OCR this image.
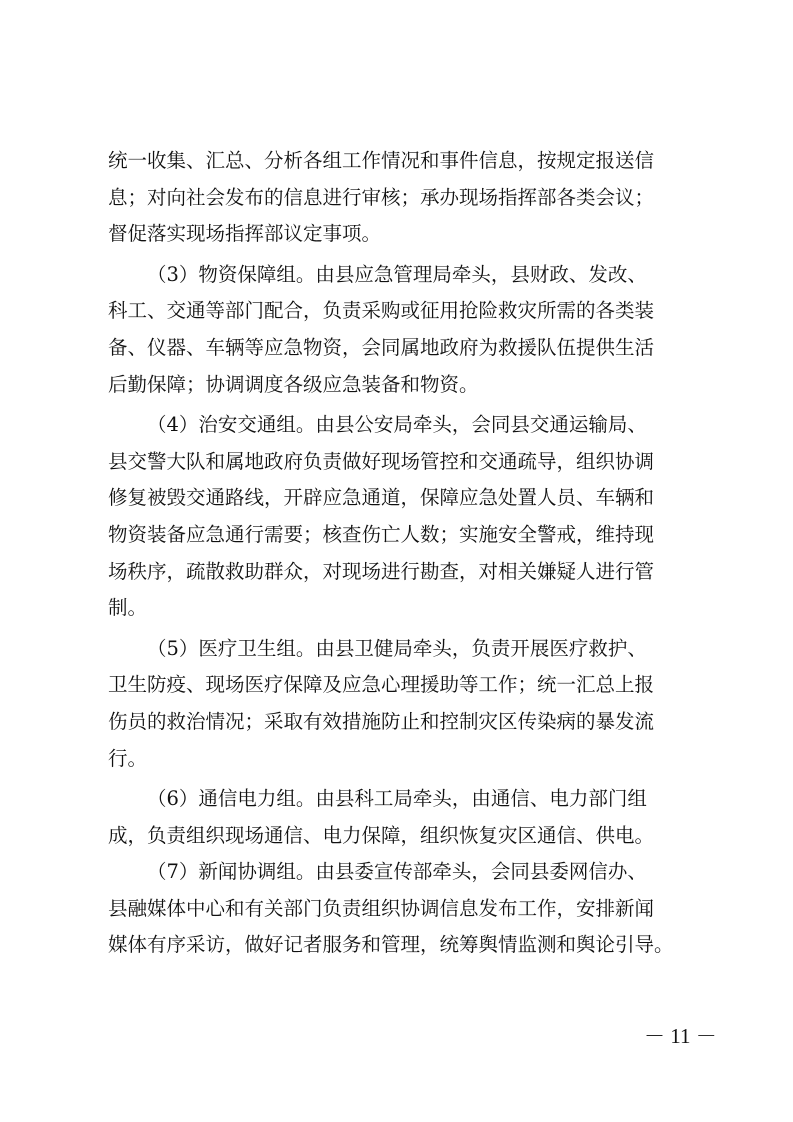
统一收集、汇总、分析各组工作情况和事件信息，按规定报送信
息；对向社会发布的信息进行审核；承办现场指挥部各类会议；
督促落实现场指挥部议定事项。

（3）物资保障组。由县应急管理局牵头，县财政、发改、
科工、交通等部门配合，负责采购或征用抢险救灾所需的各类装
备、仪器、车辆等应急物资，会同属地政府为救援队伍提供生活
后勤保障；协调调度各级应急装备和物资。

（4）治安交通组。由县公安局牵头，会同县交通运输局、
县交警大队和属地政府负责做好现场管控和交通疏导，组织协调
修复被毁交通路线，开辟应急通道，保障应急处置人员、车辆和
物资装备应急通行需要；核查伤亡人数；实施安全警戒，维持现
场秩序，疏散救助群众，对现场进行勘查，对相关嫌疑人进行管
制。

（5）医疗卫生组。由县卫健局牵头，负责开展医疗救护、
卫生防疫、现场医疗保障及应急心理援助等工作；统一汇总上报
伤员的救治情况；采取有效措施防止和控制灾区传染病的暴发流
行。

（6）通信电力组。由县科工局牵头，由通信、电力部门组
成，负责组织现场通信、电力保障，组织恢复灾区通信、供电。

（7）新闻协调组。由县委宣传部牵头，会同县委网信办、
县融媒体中心和有关部门负责组织协调信息发布工作，安排新闻
媒体有序采访，做好记者服务和管理，统筹舆情监测和舆论引导。

－ 11 －
